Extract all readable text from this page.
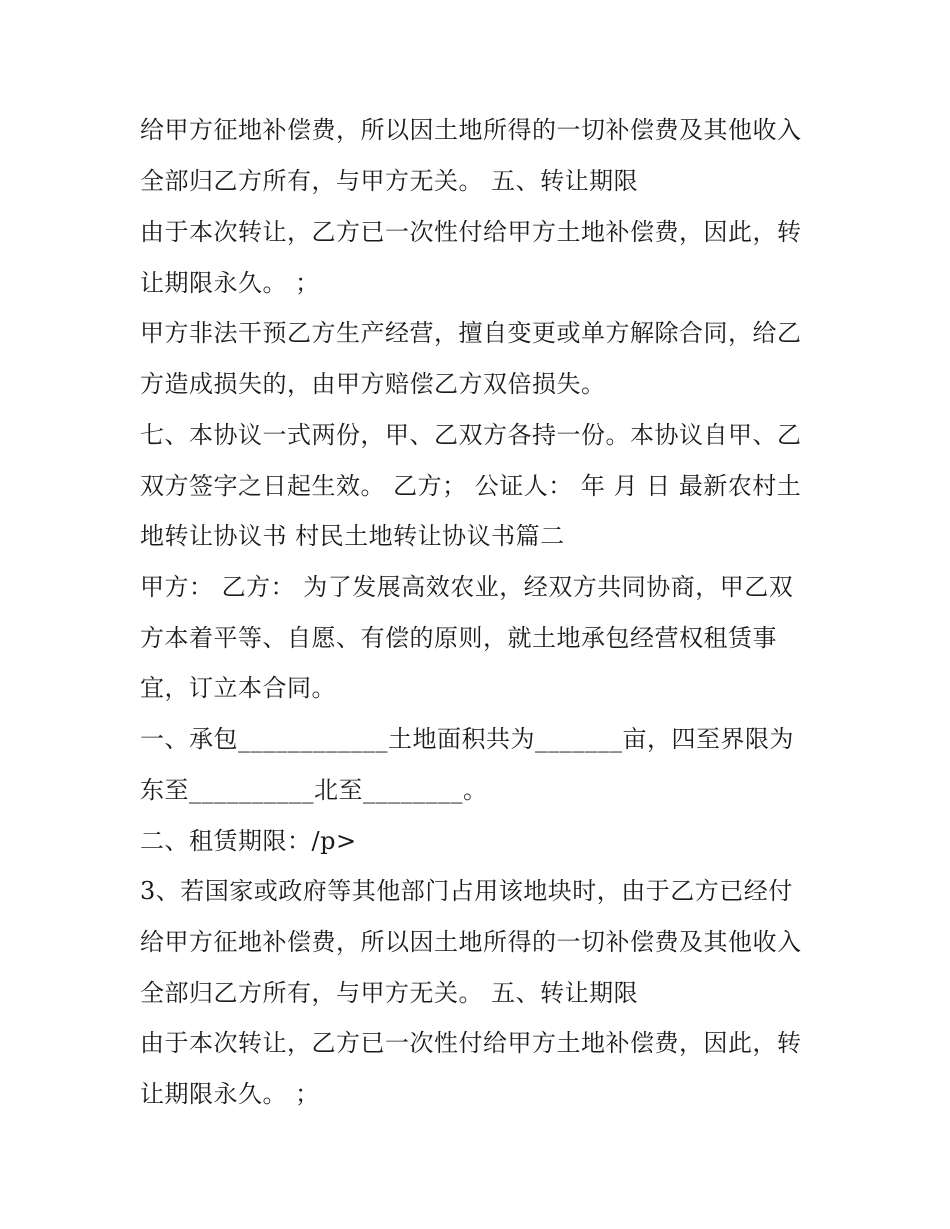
给甲方征地补偿费，所以因土地所得的一切补偿费及其他收入
全部归乙方所有，与甲方无关。 五、转让期限
由于本次转让，乙方已一次性付给甲方土地补偿费，因此，转
让期限永久。 ；
甲方非法干预乙方生产经营，擅自变更或单方解除合同，给乙
方造成损失的，由甲方赔偿乙方双倍损失。
七、本协议一式两份，甲、乙双方各持一份。本协议自甲、乙
双方签字之日起生效。 乙方； 公证人： 年 月 日 最新农村土
地转让协议书 村民土地转让协议书篇二
甲方： 乙方： 为了发展高效农业，经双方共同协商，甲乙双
方本着平等、自愿、有偿的原则，就土地承包经营权租赁事
宜，订立本合同。
一、承包____________土地面积共为_______亩，四至界限为
东至__________北至________。
二、租赁期限：/p>
3、若国家或政府等其他部门占用该地块时，由于乙方已经付
给甲方征地补偿费，所以因土地所得的一切补偿费及其他收入
全部归乙方所有，与甲方无关。 五、转让期限
由于本次转让，乙方已一次性付给甲方土地补偿费，因此，转
让期限永久。 ；
